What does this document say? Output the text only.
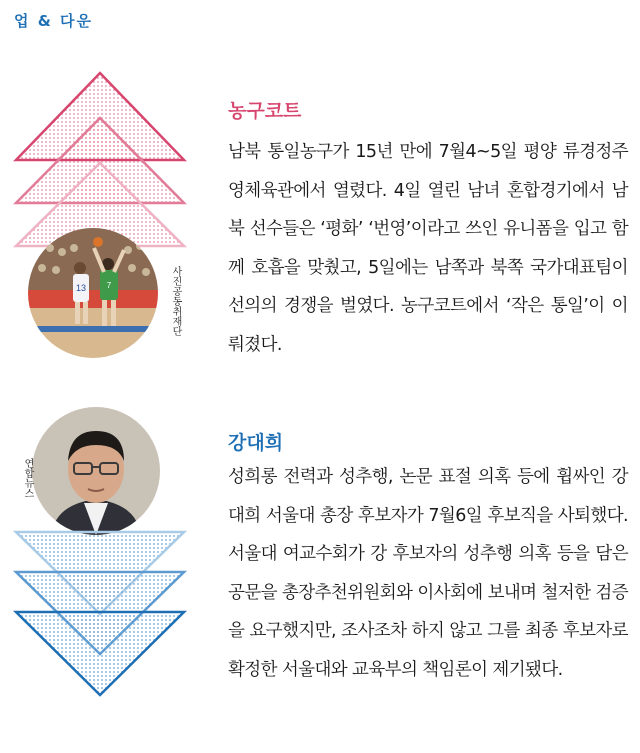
업 & 다운
13	7	사진공동취재단
농구코트
남북 통일농구가 15년 만에 7월4~5일 평양 류경정주영체육관에서 열렸다. 4일 열린 남녀 혼합경기에서 남북 선수들은 ‘평화’ ‘번영’이라고 쓰인 유니폼을 입고 함께 호흡을 맞췄고, 5일에는 남쪽과 북쪽 국가대표팀이 선의의 경쟁을 벌였다. 농구코트에서 ‘작은 통일’이 이뤄졌다.
연합뉴스
강대희
성희롱 전력과 성추행, 논문 표절 의혹 등에 휩싸인 강대희 서울대 총장 후보자가 7월6일 후보직을 사퇴했다. 서울대 여교수회가 강 후보자의 성추행 의혹 등을 담은 공문을 총장추천위원회와 이사회에 보내며 철저한 검증을 요구했지만, 조사조차 하지 않고 그를 최종 후보자로 확정한 서울대와 교육부의 책임론이 제기됐다.
